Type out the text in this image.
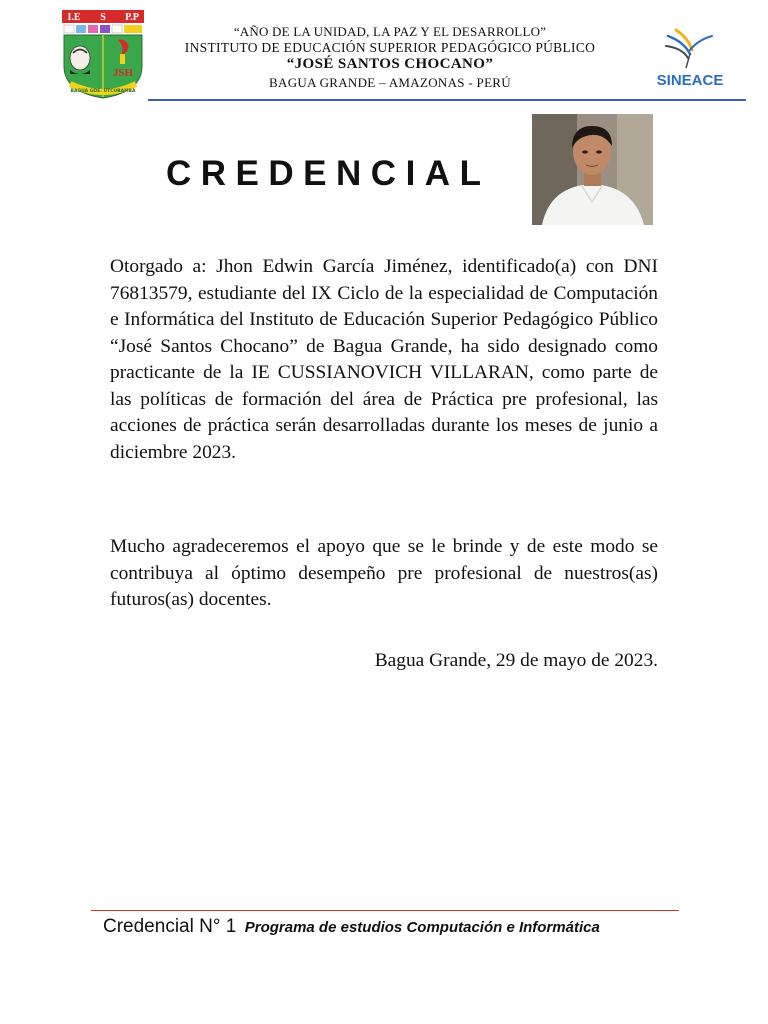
I.E S P.P
JSH
BAGUA GDE. UTCUBAMBA
“AÑO DE LA UNIDAD, LA PAZ Y EL DESARROLLO”
INSTITUTO DE EDUCACIÓN SUPERIOR PEDAGÓGICO PÚBLICO
“JOSÉ SANTOS CHOCANO”
BAGUA GRANDE – AMAZONAS - PERÚ	SINEACE
CREDENCIAL
Otorgado a: Jhon Edwin García Jiménez, identificado(a) con DNI 76813579, estudiante del IX Ciclo de la especialidad de Computación e Informática del Instituto de Educación Superior Pedagógico Público “José Santos Chocano” de Bagua Grande, ha sido designado como practicante de la IE CUSSIANOVICH VILLARAN, como parte de las políticas de formación del área de Práctica pre profesional, las acciones de práctica serán desarrolladas durante los meses de junio a diciembre 2023.
Mucho agradeceremos el apoyo que se le brinde y de este modo se contribuya al óptimo desempeño pre profesional de nuestros(as) futuros(as) docentes.
Bagua Grande, 29 de mayo de 2023.
Credencial N° 1 Programa de estudios Computación e Informática
